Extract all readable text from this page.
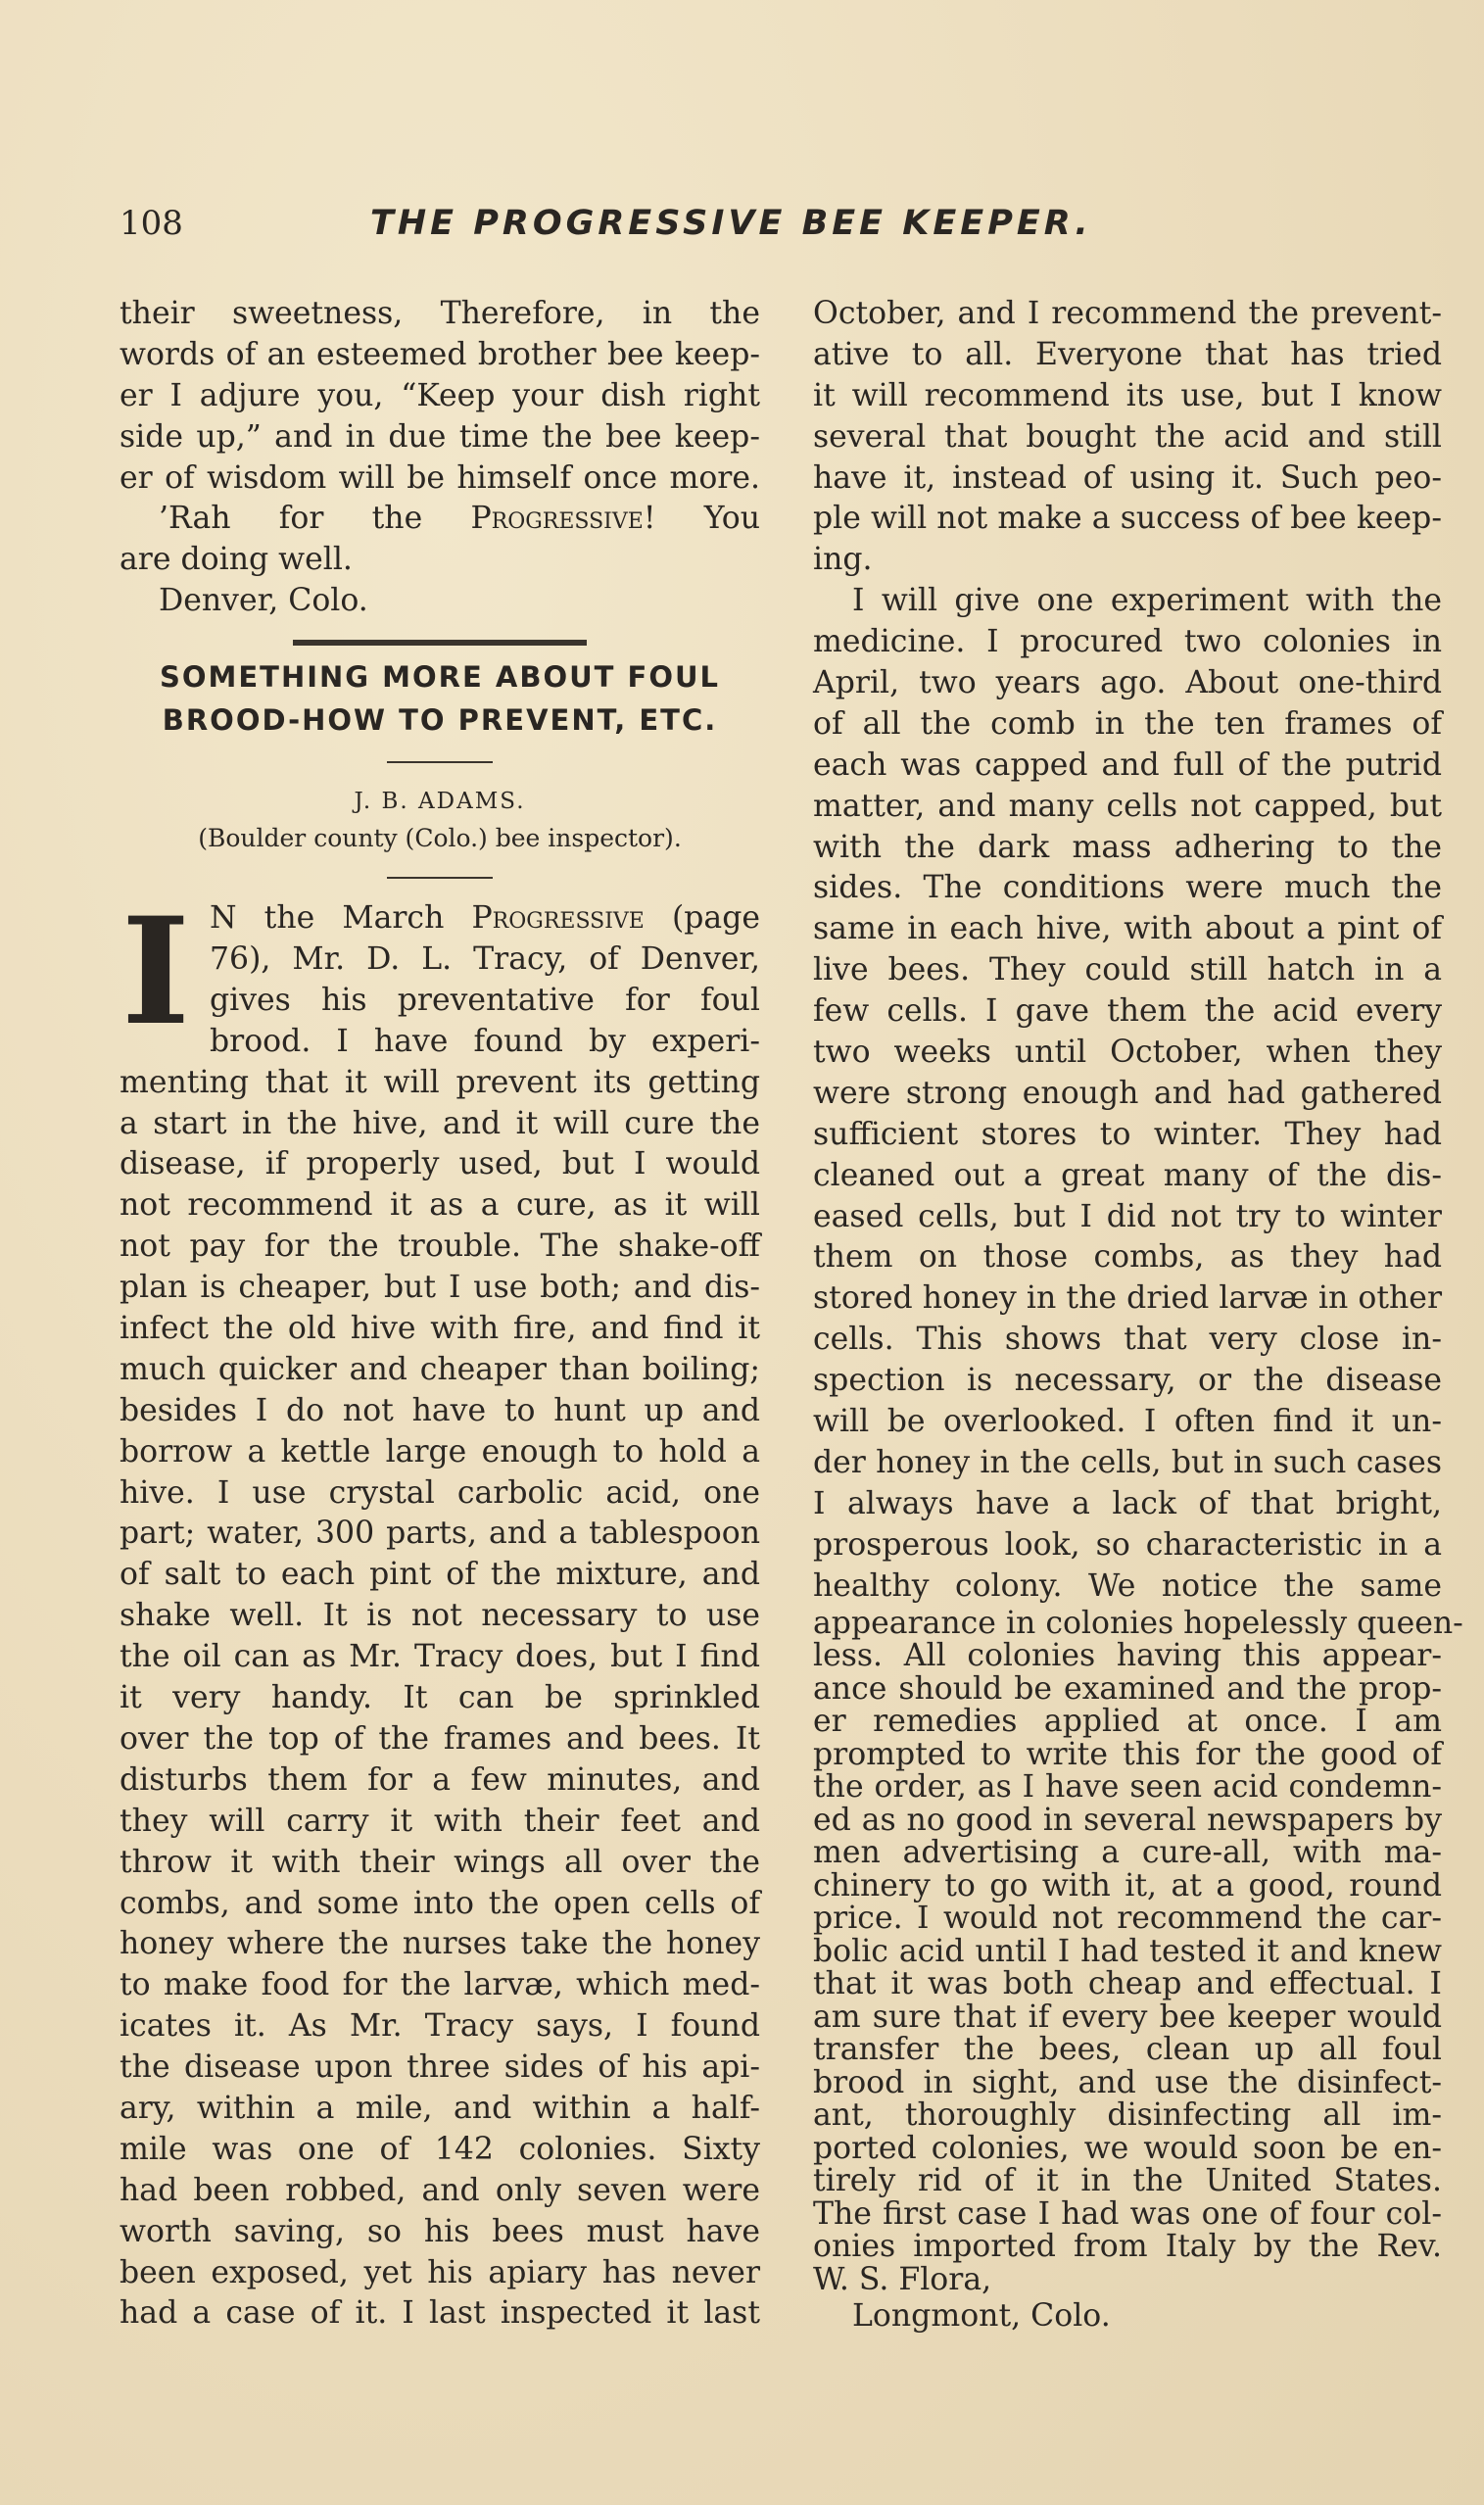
108	THE PROGRESSIVE BEE KEEPER.
their sweetness, Therefore, in the
words of an esteemed brother bee keep-
er I adjure you, “Keep your dish right
side up,” and in due time the bee keep-
er of wisdom will be himself once more.
’Rah for the Progressive! You
are doing well.
Denver, Colo.
SOMETHING MORE ABOUT FOUL
BROOD-HOW TO PREVENT, ETC.
J. B. ADAMS.
(Boulder county (Colo.) bee inspector).
I N the March Progressive (page
76), Mr. D. L. Tracy, of Denver,
gives his preventative for foul
brood. I have found by experi-
menting that it will prevent its getting
a start in the hive, and it will cure the
disease, if properly used, but I would
not recommend it as a cure, as it will
not pay for the trouble. The shake-off
plan is cheaper, but I use both; and dis-
infect the old hive with fire, and find it
much quicker and cheaper than boiling;
besides I do not have to hunt up and
borrow a kettle large enough to hold a
hive. I use crystal carbolic acid, one
part; water, 300 parts, and a tablespoon
of salt to each pint of the mixture, and
shake well. It is not necessary to use
the oil can as Mr. Tracy does, but I find
it very handy. It can be sprinkled
over the top of the frames and bees. It
disturbs them for a few minutes, and
they will carry it with their feet and
throw it with their wings all over the
combs, and some into the open cells of
honey where the nurses take the honey
to make food for the larvæ, which med-
icates it. As Mr. Tracy says, I found
the disease upon three sides of his api-
ary, within a mile, and within a half-
mile was one of 142 colonies. Sixty
had been robbed, and only seven were
worth saving, so his bees must have
been exposed, yet his apiary has never
had a case of it. I last inspected it last
October, and I recommend the prevent-
ative to all. Everyone that has tried
it will recommend its use, but I know
several that bought the acid and still
have it, instead of using it. Such peo-
ple will not make a success of bee keep-
ing.
I will give one experiment with the
medicine. I procured two colonies in
April, two years ago. About one-third
of all the comb in the ten frames of
each was capped and full of the putrid
matter, and many cells not capped, but
with the dark mass adhering to the
sides. The conditions were much the
same in each hive, with about a pint of
live bees. They could still hatch in a
few cells. I gave them the acid every
two weeks until October, when they
were strong enough and had gathered
sufficient stores to winter. They had
cleaned out a great many of the dis-
eased cells, but I did not try to winter
them on those combs, as they had
stored honey in the dried larvæ in other
cells. This shows that very close in-
spection is necessary, or the disease
will be overlooked. I often find it un-
der honey in the cells, but in such cases
I always have a lack of that bright,
prosperous look, so characteristic in a
healthy colony. We notice the same
appearance in colonies hopelessly queen-
less. All colonies having this appear-
ance should be examined and the prop-
er remedies applied at once. I am
prompted to write this for the good of
the order, as I have seen acid condemn-
ed as no good in several newspapers by
men advertising a cure-all, with ma-
chinery to go with it, at a good, round
price. I would not recommend the car-
bolic acid until I had tested it and knew
that it was both cheap and effectual. I
am sure that if every bee keeper would
transfer the bees, clean up all foul
brood in sight, and use the disinfect-
ant, thoroughly disinfecting all im-
ported colonies, we would soon be en-
tirely rid of it in the United States.
The first case I had was one of four col-
onies imported from Italy by the Rev.
W. S. Flora,
Longmont, Colo.
